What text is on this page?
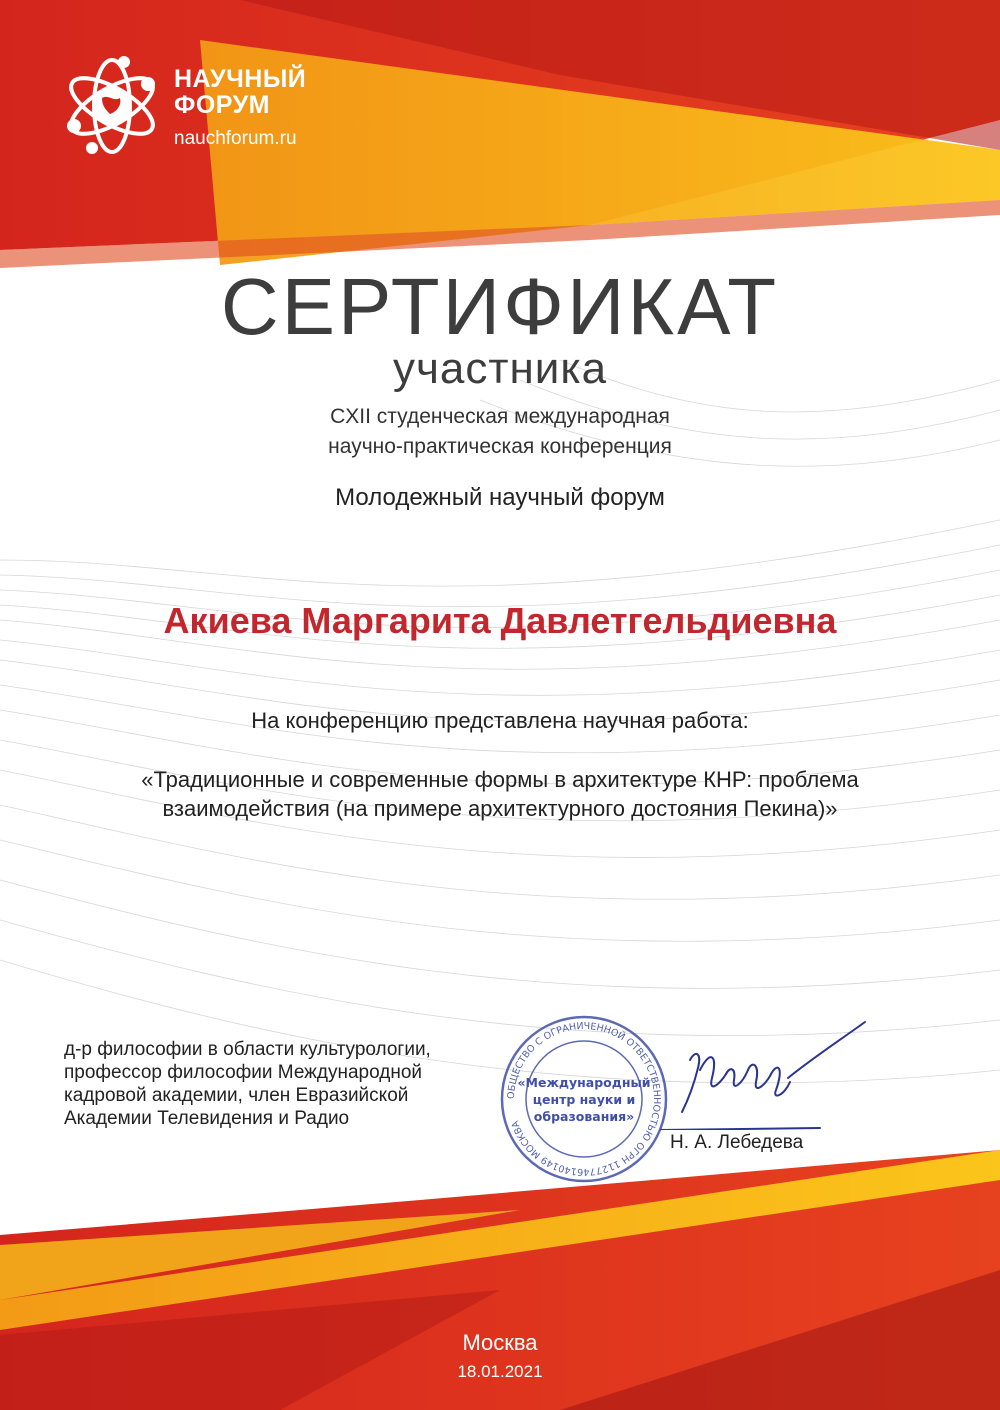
НАУЧНЫЙ
ФОРУМ
nauchforum.ru
СЕРТИФИКАТ
участника
CXII студенческая международная
научно-практическая конференция
Молодежный научный форум
Акиева Маргарита Давлетгельдиевна
На конференцию представлена научная работа:
«Традиционные и современные формы в архитектуре КНР: проблема
взаимодействия (на примере архитектурного достояния Пекина)»
д-р философии в области культурологии,
профессор философии Международной
кадровой академии, член Евразийской
Академии Телевидения и Радио
ОБЩЕСТВО С ОГРАНИЧЕННОЙ ОТВЕТСТВЕННОСТЬЮ ОГРН 1127746140149 МОСКВА
«Международный
центр науки и
образования»
Н. А. Лебедева
Москва
18.01.2021
